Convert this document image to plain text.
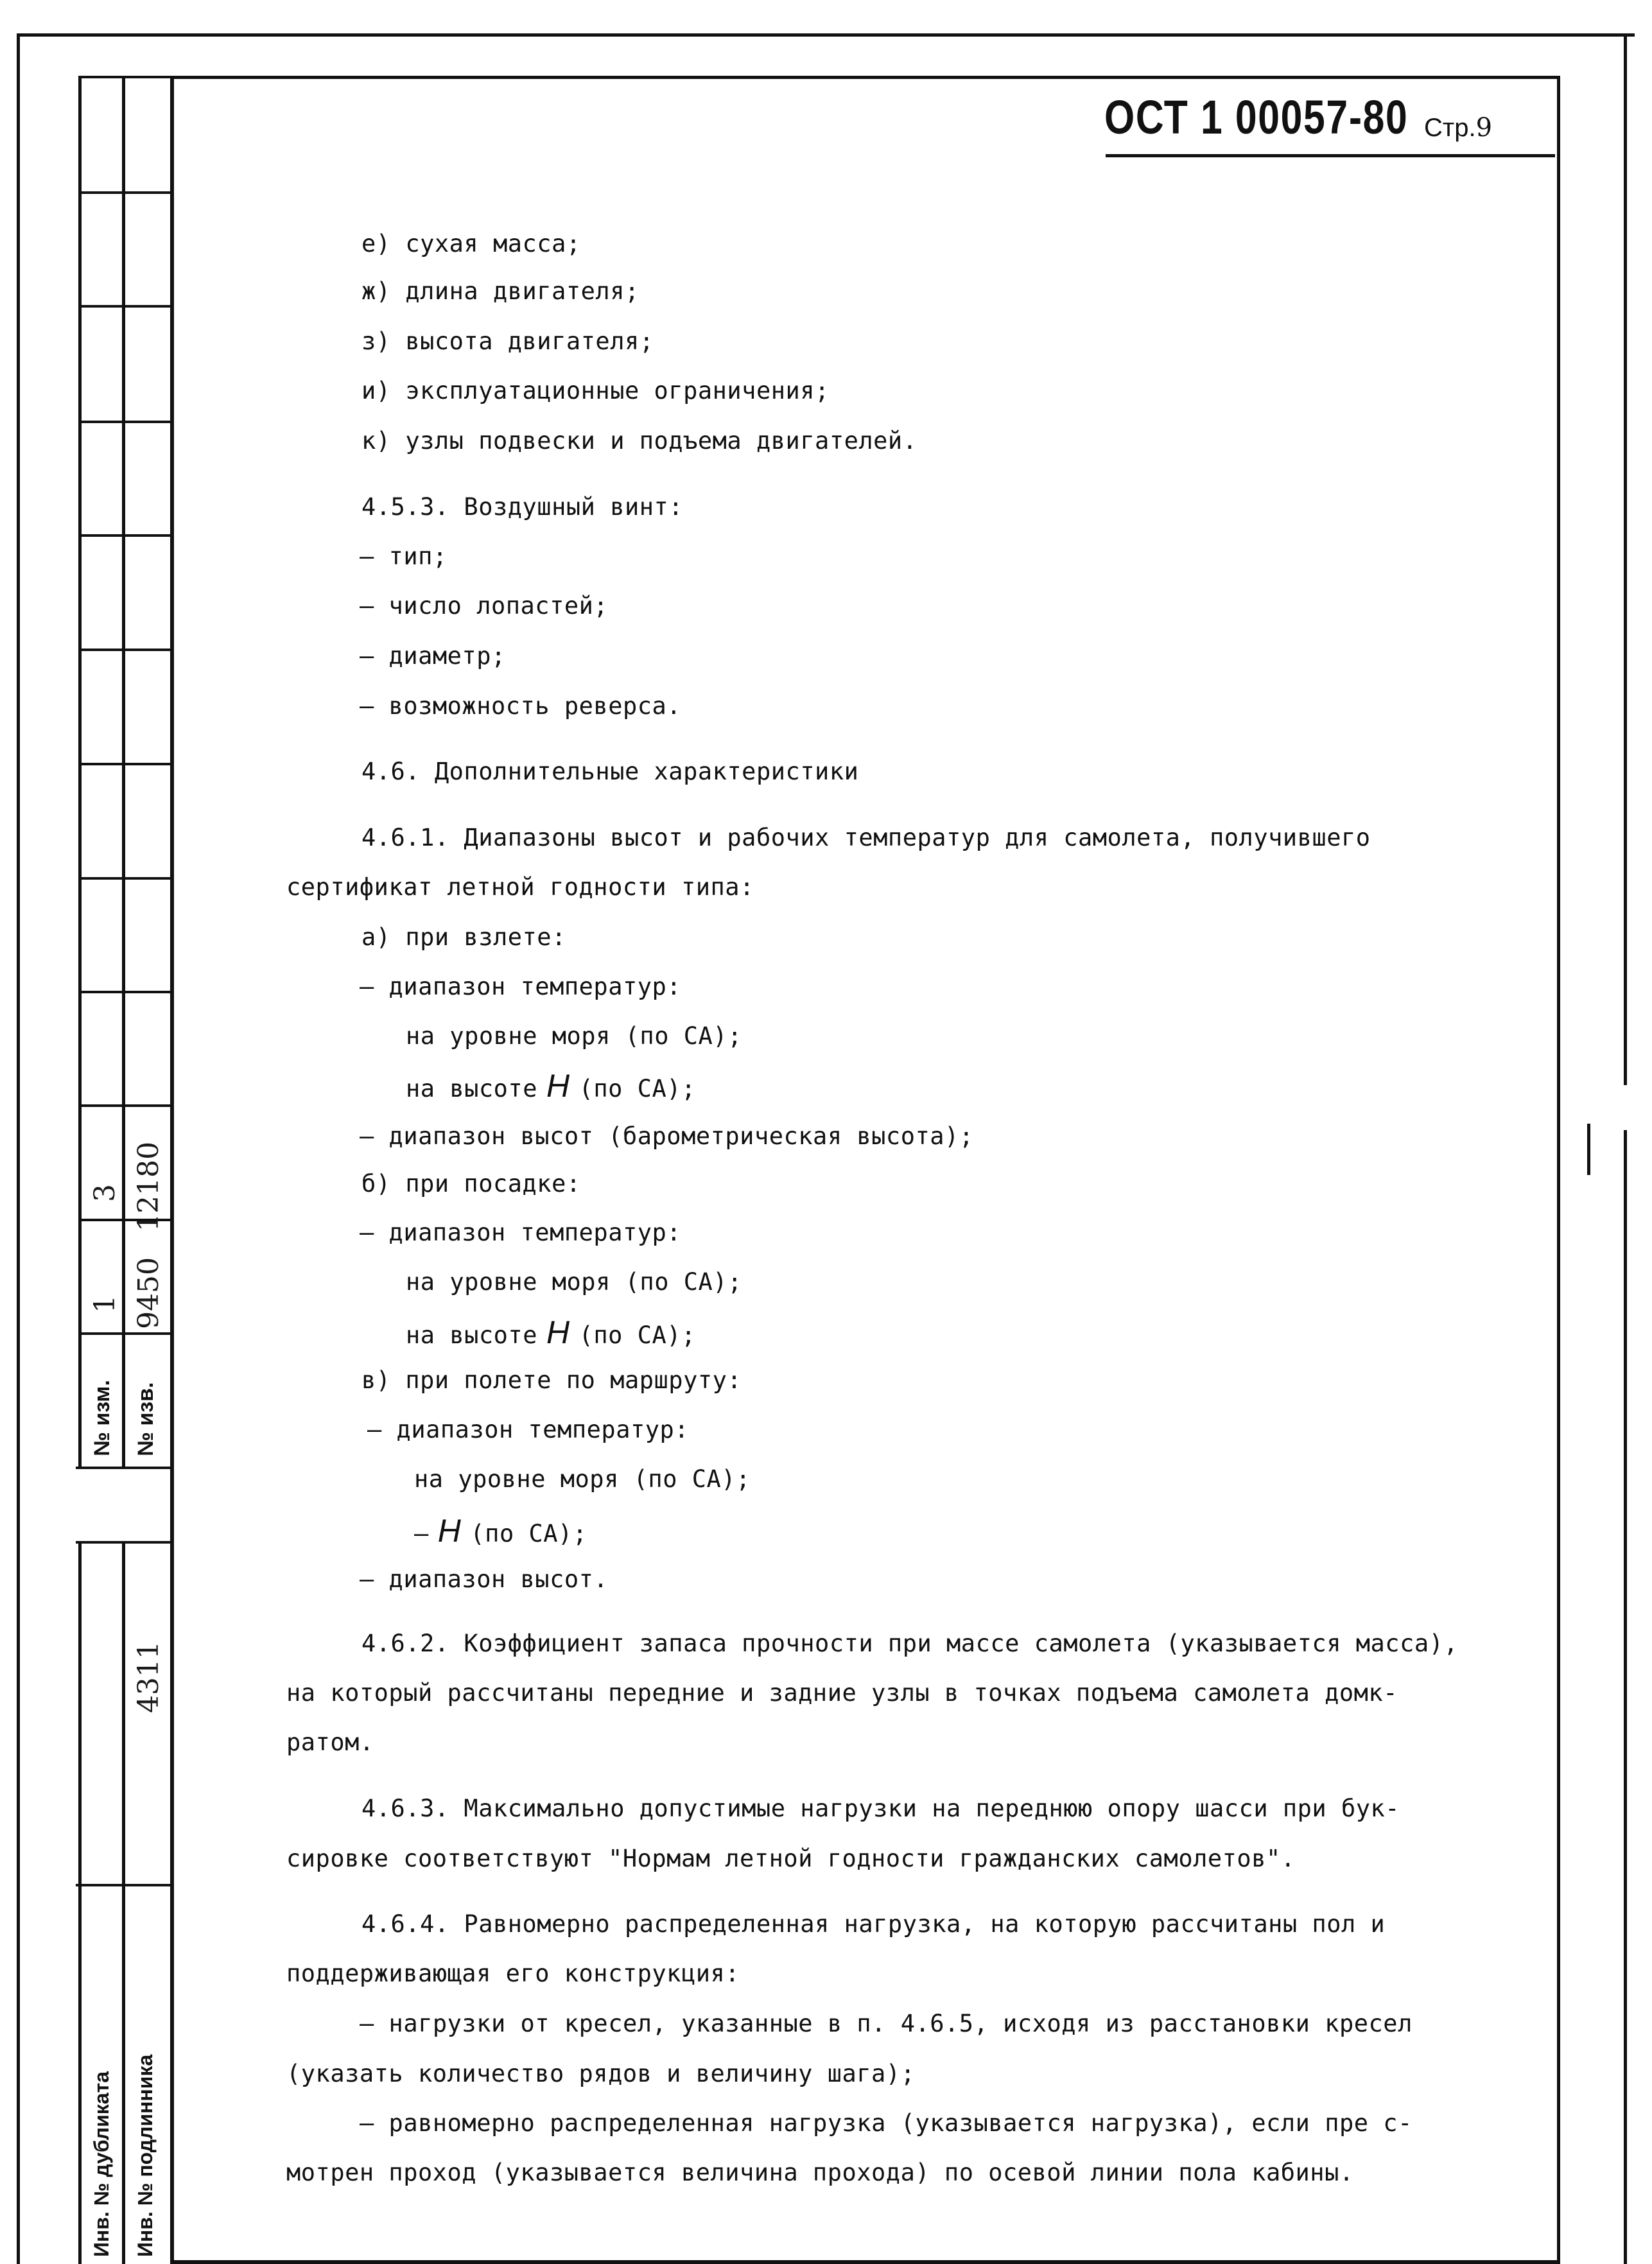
3 12180
1 9450
№ изм. № изв.
4311
Инв. № дубликата Инв. № подлинника
ОСТ 1 00057-80 Стр.9
е) сухая масса;
ж) длина двигателя;
з) высота двигателя;
и) эксплуатационные ограничения;
к) узлы подвески и подъема двигателей.
4.5.3. Воздушный винт:
– тип;
– число лопастей;
– диаметр;
– возможность реверса.
4.6. Дополнительные характеристики
4.6.1. Диапазоны высот и рабочих температур для самолета, получившего
сертификат летной годности типа:
а) при взлете:
– диапазон температур:
на уровне моря (по СА);
на высоте H (по СА);
– диапазон высот (барометрическая высота);
б) при посадке:
– диапазон температур:
на уровне моря (по СА);
на высоте H (по СА);
в) при полете по маршруту:
– диапазон температур:
на уровне моря (по СА);
– H (по СА);
– диапазон высот.
4.6.2. Коэффициент запаса прочности при массе самолета (указывается масса),
на который рассчитаны передние и задние узлы в точках подъема самолета домк-
ратом.
4.6.3. Максимально допустимые нагрузки на переднюю опору шасси при бук-
сировке соответствуют "Нормам летной годности гражданских самолетов".
4.6.4. Равномерно распределенная нагрузка, на которую рассчитаны пол и
поддерживающая его конструкция:
– нагрузки от кресел, указанные в п. 4.6.5, исходя из расстановки кресел
(указать количество рядов и величину шага);
– равномерно распределенная нагрузка (указывается нагрузка), если пре с-
мотрен проход (указывается величина прохода) по осевой линии пола кабины.
